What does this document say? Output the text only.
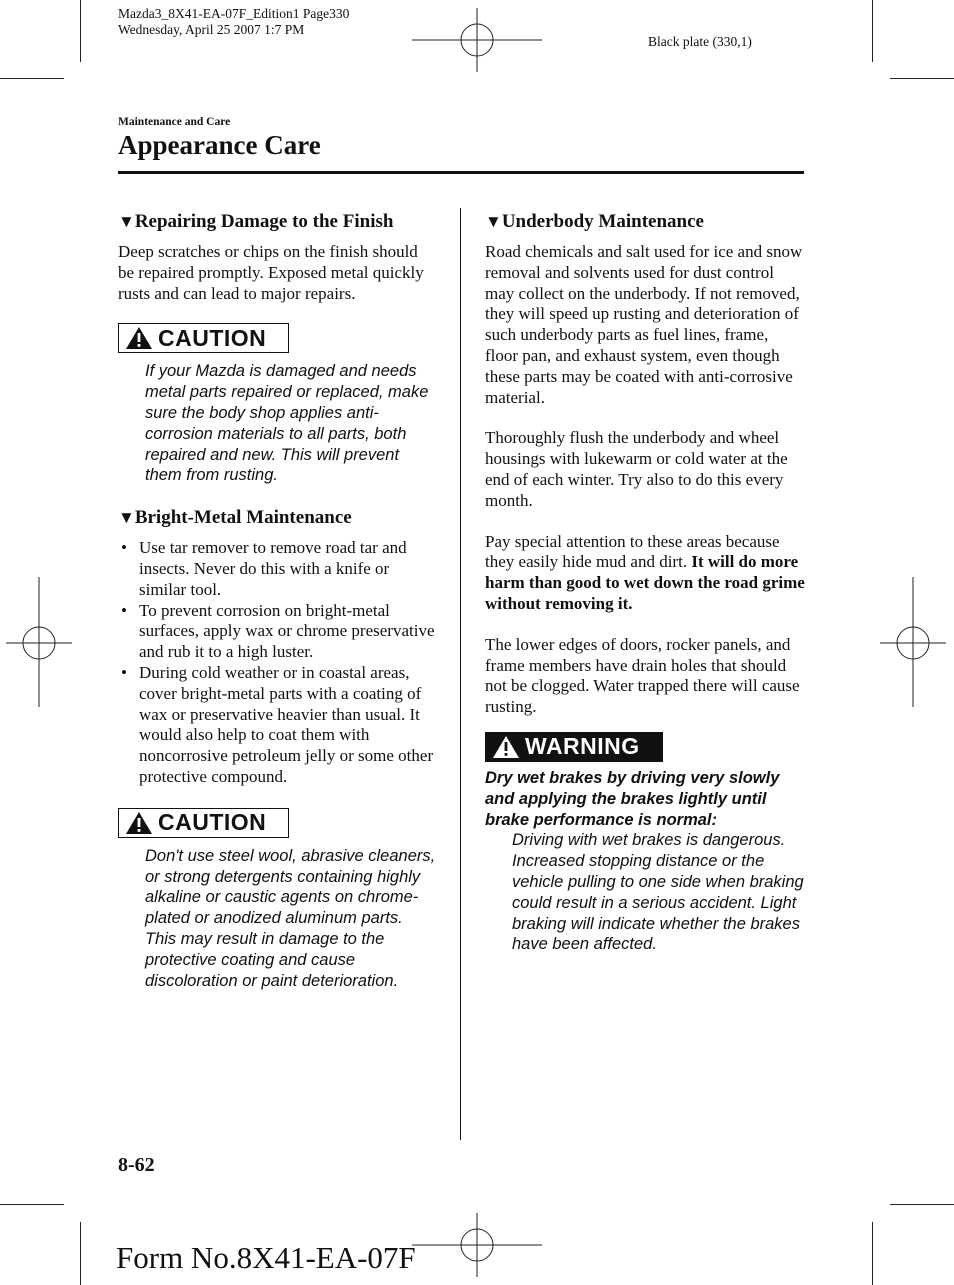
Mazda3_8X41-EA-07F_Edition1 Page330
Wednesday, April 25 2007 1:7 PM
Black plate (330,1)
Maintenance and Care
Appearance Care
▼Repairing Damage to the Finish

Deep scratches or chips on the finish should be repaired promptly. Exposed metal quickly rusts and can lead to major repairs.

CAUTION

If your Mazda is damaged and needs metal parts repaired or replaced, make sure the body shop applies anti-corrosion materials to all parts, both repaired and new. This will prevent them from rusting.

▼Bright-Metal Maintenance
• Use tar remover to remove road tar and insects. Never do this with a knife or similar tool.
• To prevent corrosion on bright-metal surfaces, apply wax or chrome preservative and rub it to a high luster.
• During cold weather or in coastal areas, cover bright-metal parts with a coating of wax or preservative heavier than usual. It would also help to coat them with noncorrosive petroleum jelly or some other protective compound.
CAUTION

Don't use steel wool, abrasive cleaners, or strong detergents containing highly alkaline or caustic agents on chrome-plated or anodized aluminum parts. This may result in damage to the protective coating and cause discoloration or paint deterioration.

▼Underbody Maintenance

Road chemicals and salt used for ice and snow removal and solvents used for dust control may collect on the underbody. If not removed, they will speed up rusting and deterioration of such underbody parts as fuel lines, frame, floor pan, and exhaust system, even though these parts may be coated with anti-corrosive material.

Thoroughly flush the underbody and wheel housings with lukewarm or cold water at the end of each winter. Try also to do this every month.

Pay special attention to these areas because they easily hide mud and dirt. It will do more harm than good to wet down the road grime without removing it.

The lower edges of doors, rocker panels, and frame members have drain holes that should not be clogged. Water trapped there will cause rusting.

WARNING

Dry wet brakes by driving very slowly and applying the brakes lightly until brake performance is normal:

Driving with wet brakes is dangerous. Increased stopping distance or the vehicle pulling to one side when braking could result in a serious accident. Light braking will indicate whether the brakes have been affected.

8-62
Form No.8X41-EA-07F
